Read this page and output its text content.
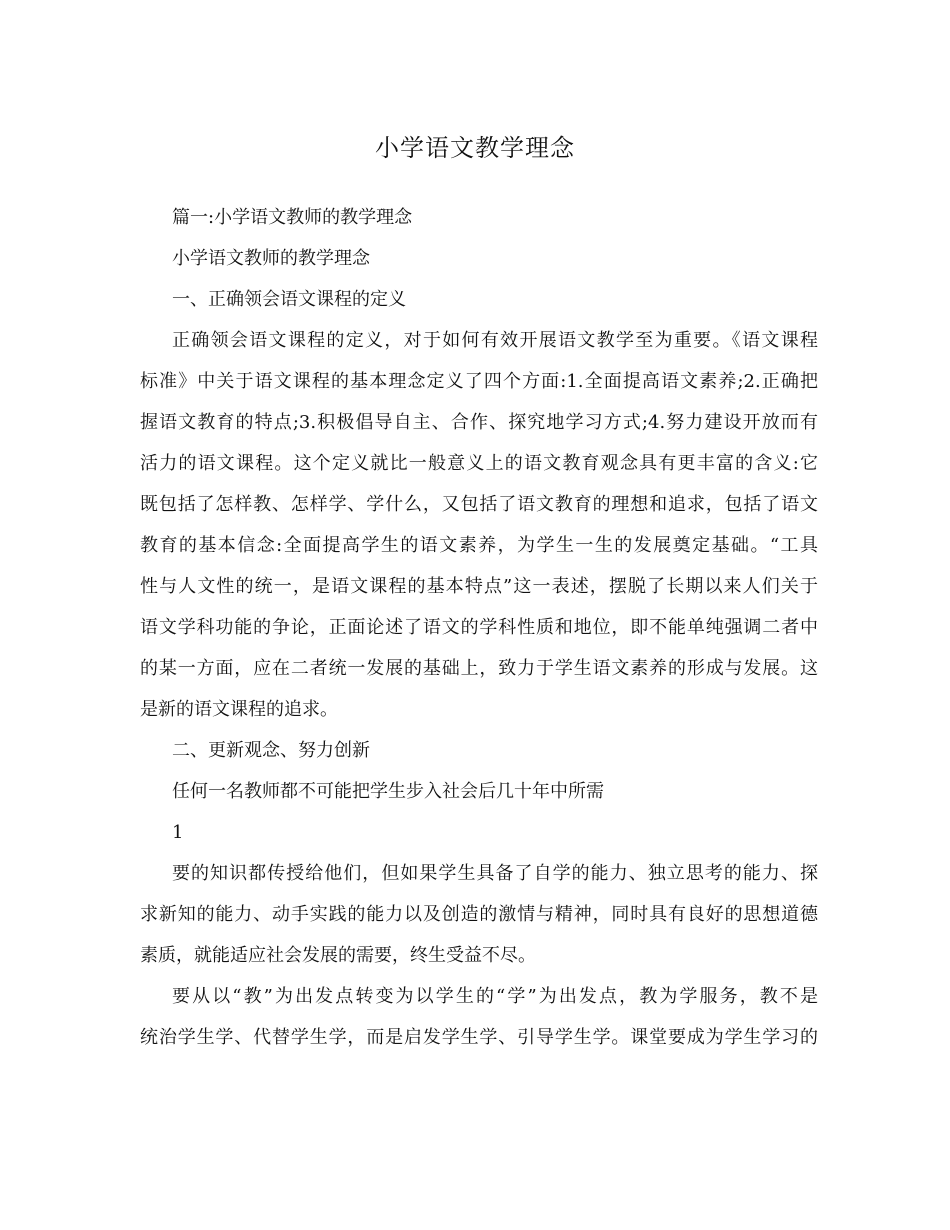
小学语文教学理念

篇一:小学语文教师的教学理念

小学语文教师的教学理念

一、正确领会语文课程的定义

正确领会语文课程的定义，对于如何有效开展语文教学至为重要。《语文课程
标准》中关于语文课程的基本理念定义了四个方面:1.全面提高语文素养;2.正确把
握语文教育的特点;3.积极倡导自主、合作、探究地学习方式;4.努力建设开放而有
活力的语文课程。这个定义就比一般意义上的语文教育观念具有更丰富的含义:它
既包括了怎样教、怎样学、学什么，又包括了语文教育的理想和追求，包括了语文
教育的基本信念:全面提高学生的语文素养，为学生一生的发展奠定基础。“工具
性与人文性的统一，是语文课程的基本特点”这一表述，摆脱了长期以来人们关于
语文学科功能的争论，正面论述了语文的学科性质和地位，即不能单纯强调二者中
的某一方面，应在二者统一发展的基础上，致力于学生语文素养的形成与发展。这
是新的语文课程的追求。

二、更新观念、努力创新

任何一名教师都不可能把学生步入社会后几十年中所需

1

要的知识都传授给他们，但如果学生具备了自学的能力、独立思考的能力、探
求新知的能力、动手实践的能力以及创造的激情与精神，同时具有良好的思想道德
素质，就能适应社会发展的需要，终生受益不尽。
要从以“教”为出发点转变为以学生的“学”为出发点，教为学服务，教不是
统治学生学、代替学生学，而是启发学生学、引导学生学。课堂要成为学生学习的
